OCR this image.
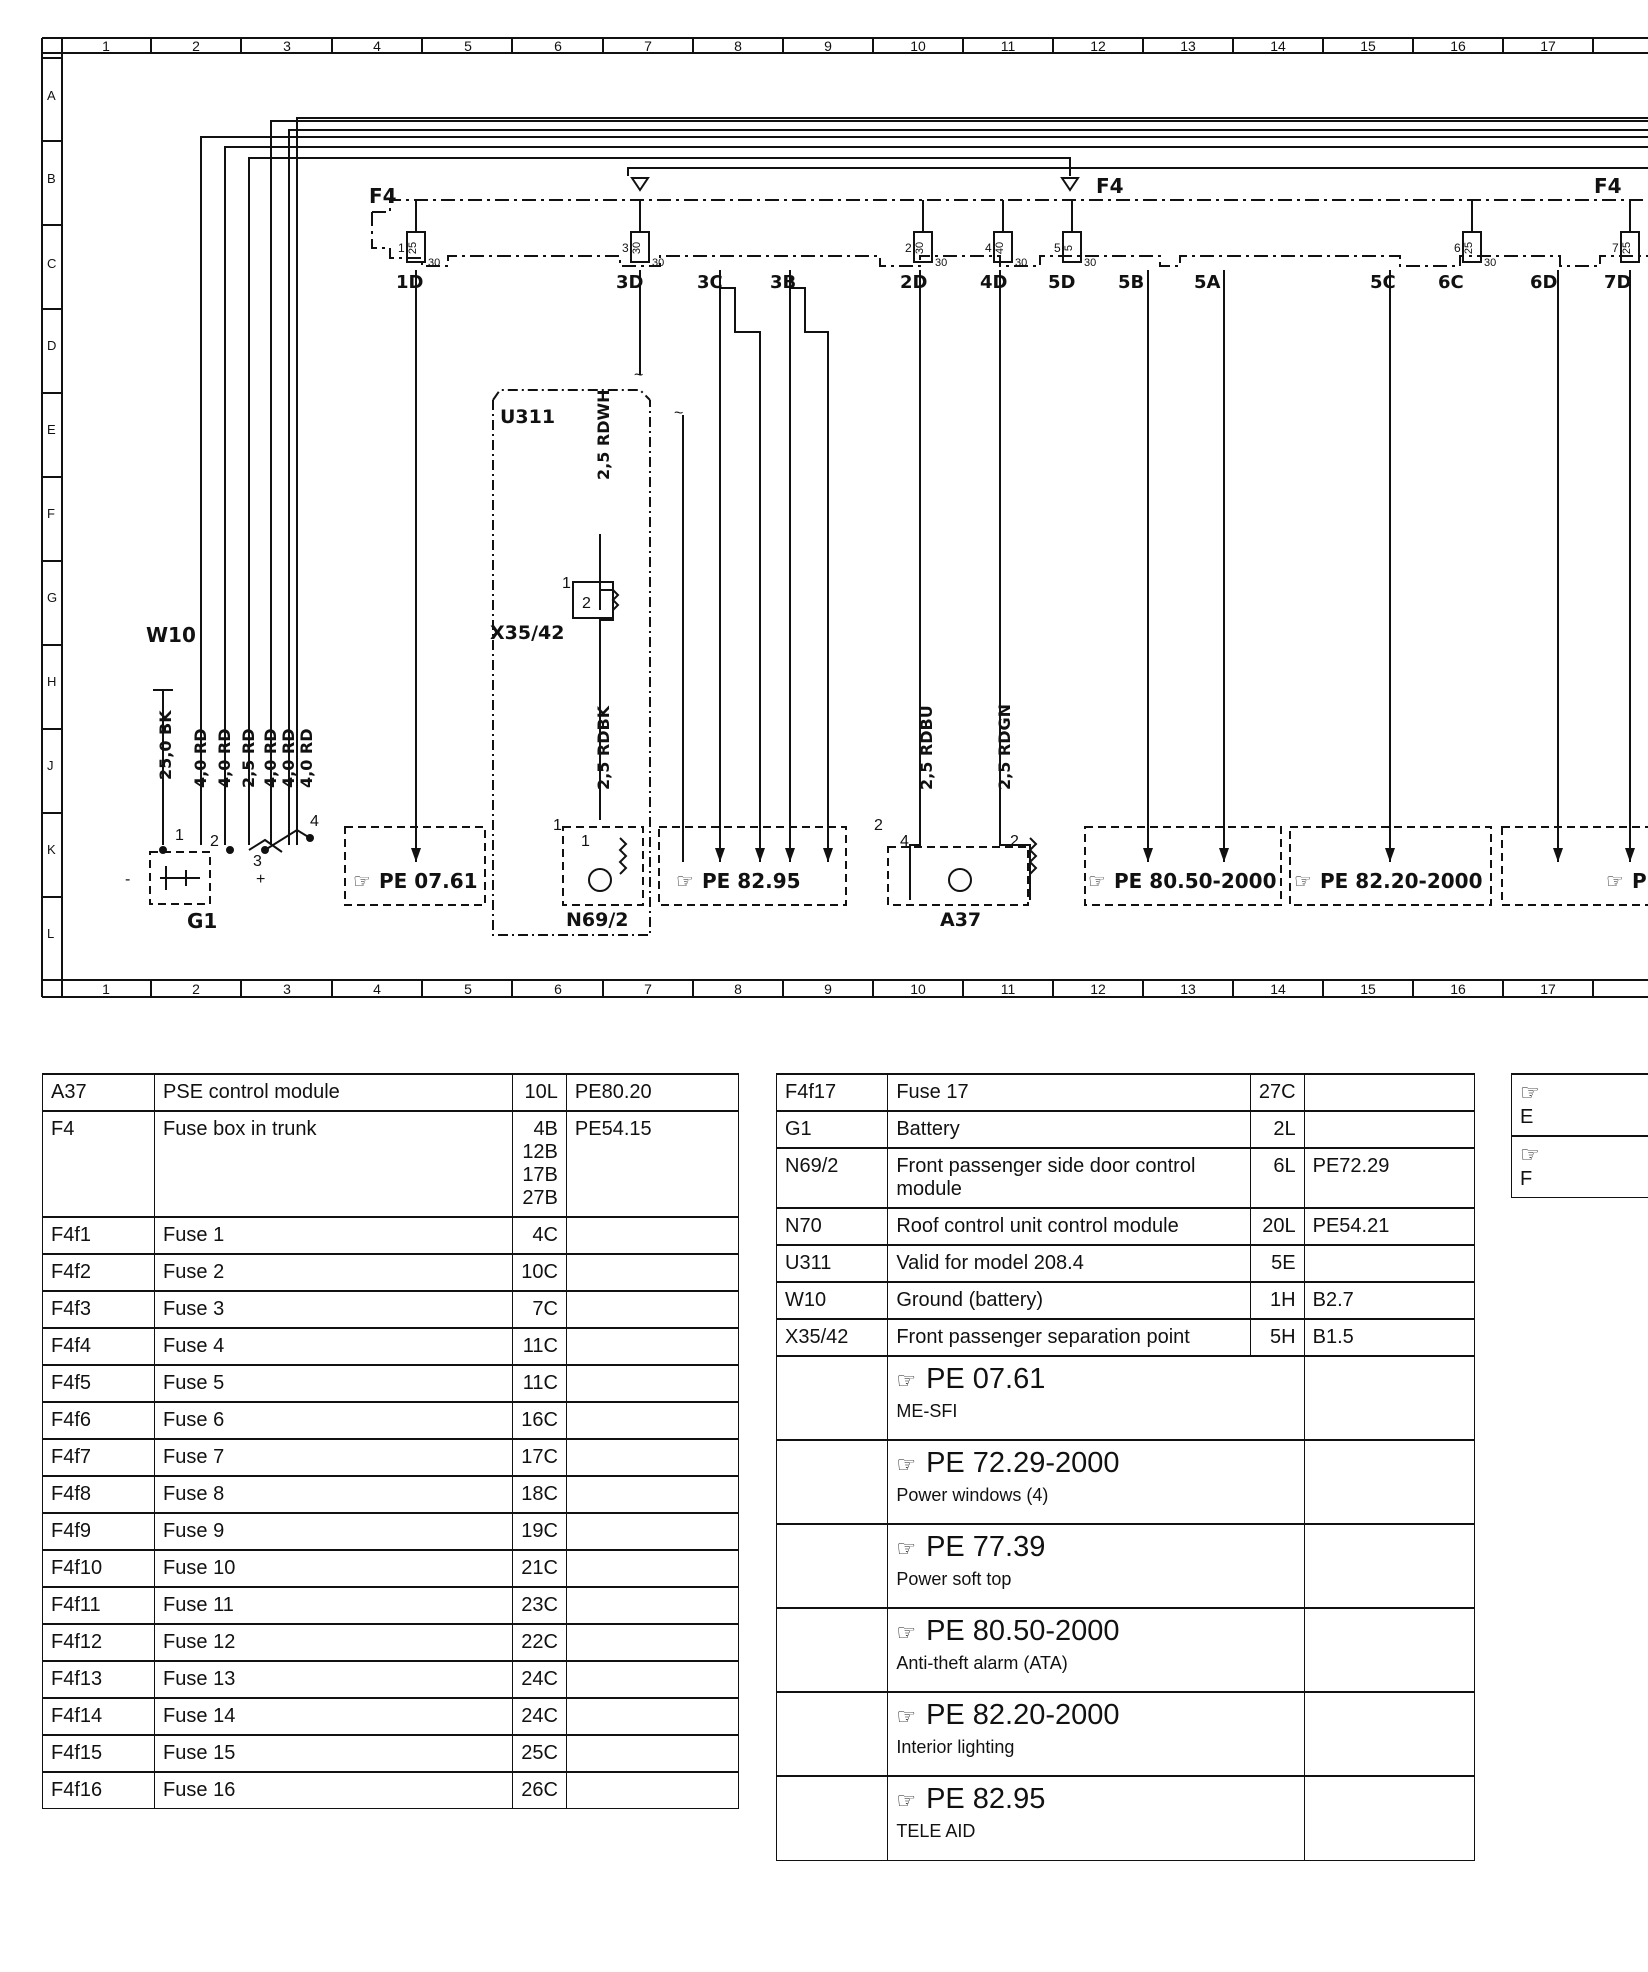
1
1
2
2
3
3
4
4
5
5
6
6
7
7
8
8
9
9
10
10
11
11
12
12
13
13
14
14
15
15
16
16
17
17
A
B
C
D
E
F
G
H
J
K
L
1 25
30
3 30
30
2 30
30
4 40
30
5 5
30
6 25
30
7 25
F4	F4	F4
U311
X35/42
W10
G1	N69/2	A37
1D	3D	3C	3B	2D	4D 5D 5B	5A	5C 6C	6D	7D
2,5 RDWH
2,5 RDBK	2,5 RDBU	2,5 RDGN
25,0 BK 4,0 RD 4,0 RD 2,5 RD 4,0 RD 4,0 RD 4,0 RD
1 2
3
4
-	+
1
2
1
1
2
4	2
~
~
☞ PE 07.61	☞ PE 82.95	☞ PE 80.50-2000 ☞ PE 82.20-2000	☞ P
A37	PSE control module	10L	PE80.20
F4	Fuse box in trunk	4B
12B
17B
27B	PE54.15
F4f1	Fuse 1	4C	
F4f2	Fuse 2	10C	
F4f3	Fuse 3	7C	
F4f4	Fuse 4	11C	
F4f5	Fuse 5	11C	
F4f6	Fuse 6	16C	
F4f7	Fuse 7	17C	
F4f8	Fuse 8	18C	
F4f9	Fuse 9	19C	
F4f10	Fuse 10	21C	
F4f11	Fuse 11	23C	
F4f12	Fuse 12	22C	
F4f13	Fuse 13	24C	
F4f14	Fuse 14	24C	
F4f15	Fuse 15	25C	
F4f16	Fuse 16	26C	
F4f17	Fuse 17	27C	
G1	Battery	2L	
N69/2	Front passenger side door control module	6L	PE72.29
N70	Roof control unit control module	20L	PE54.21
U311	Valid for model 208.4	5E	
W10	Ground (battery)	1H	B2.7
X35/42	Front passenger separation point	5H	B1.5

	☞ PE 07.61
ME-SFI		

	☞ PE 72.29-2000
Power windows (4)		

	☞ PE 77.39
Power soft top		

	☞ PE 80.50-2000
Anti-theft alarm (ATA)		

	☞ PE 82.20-2000
Interior lighting		

	☞ PE 82.95
TELE AID		
☞
E
☞
F
